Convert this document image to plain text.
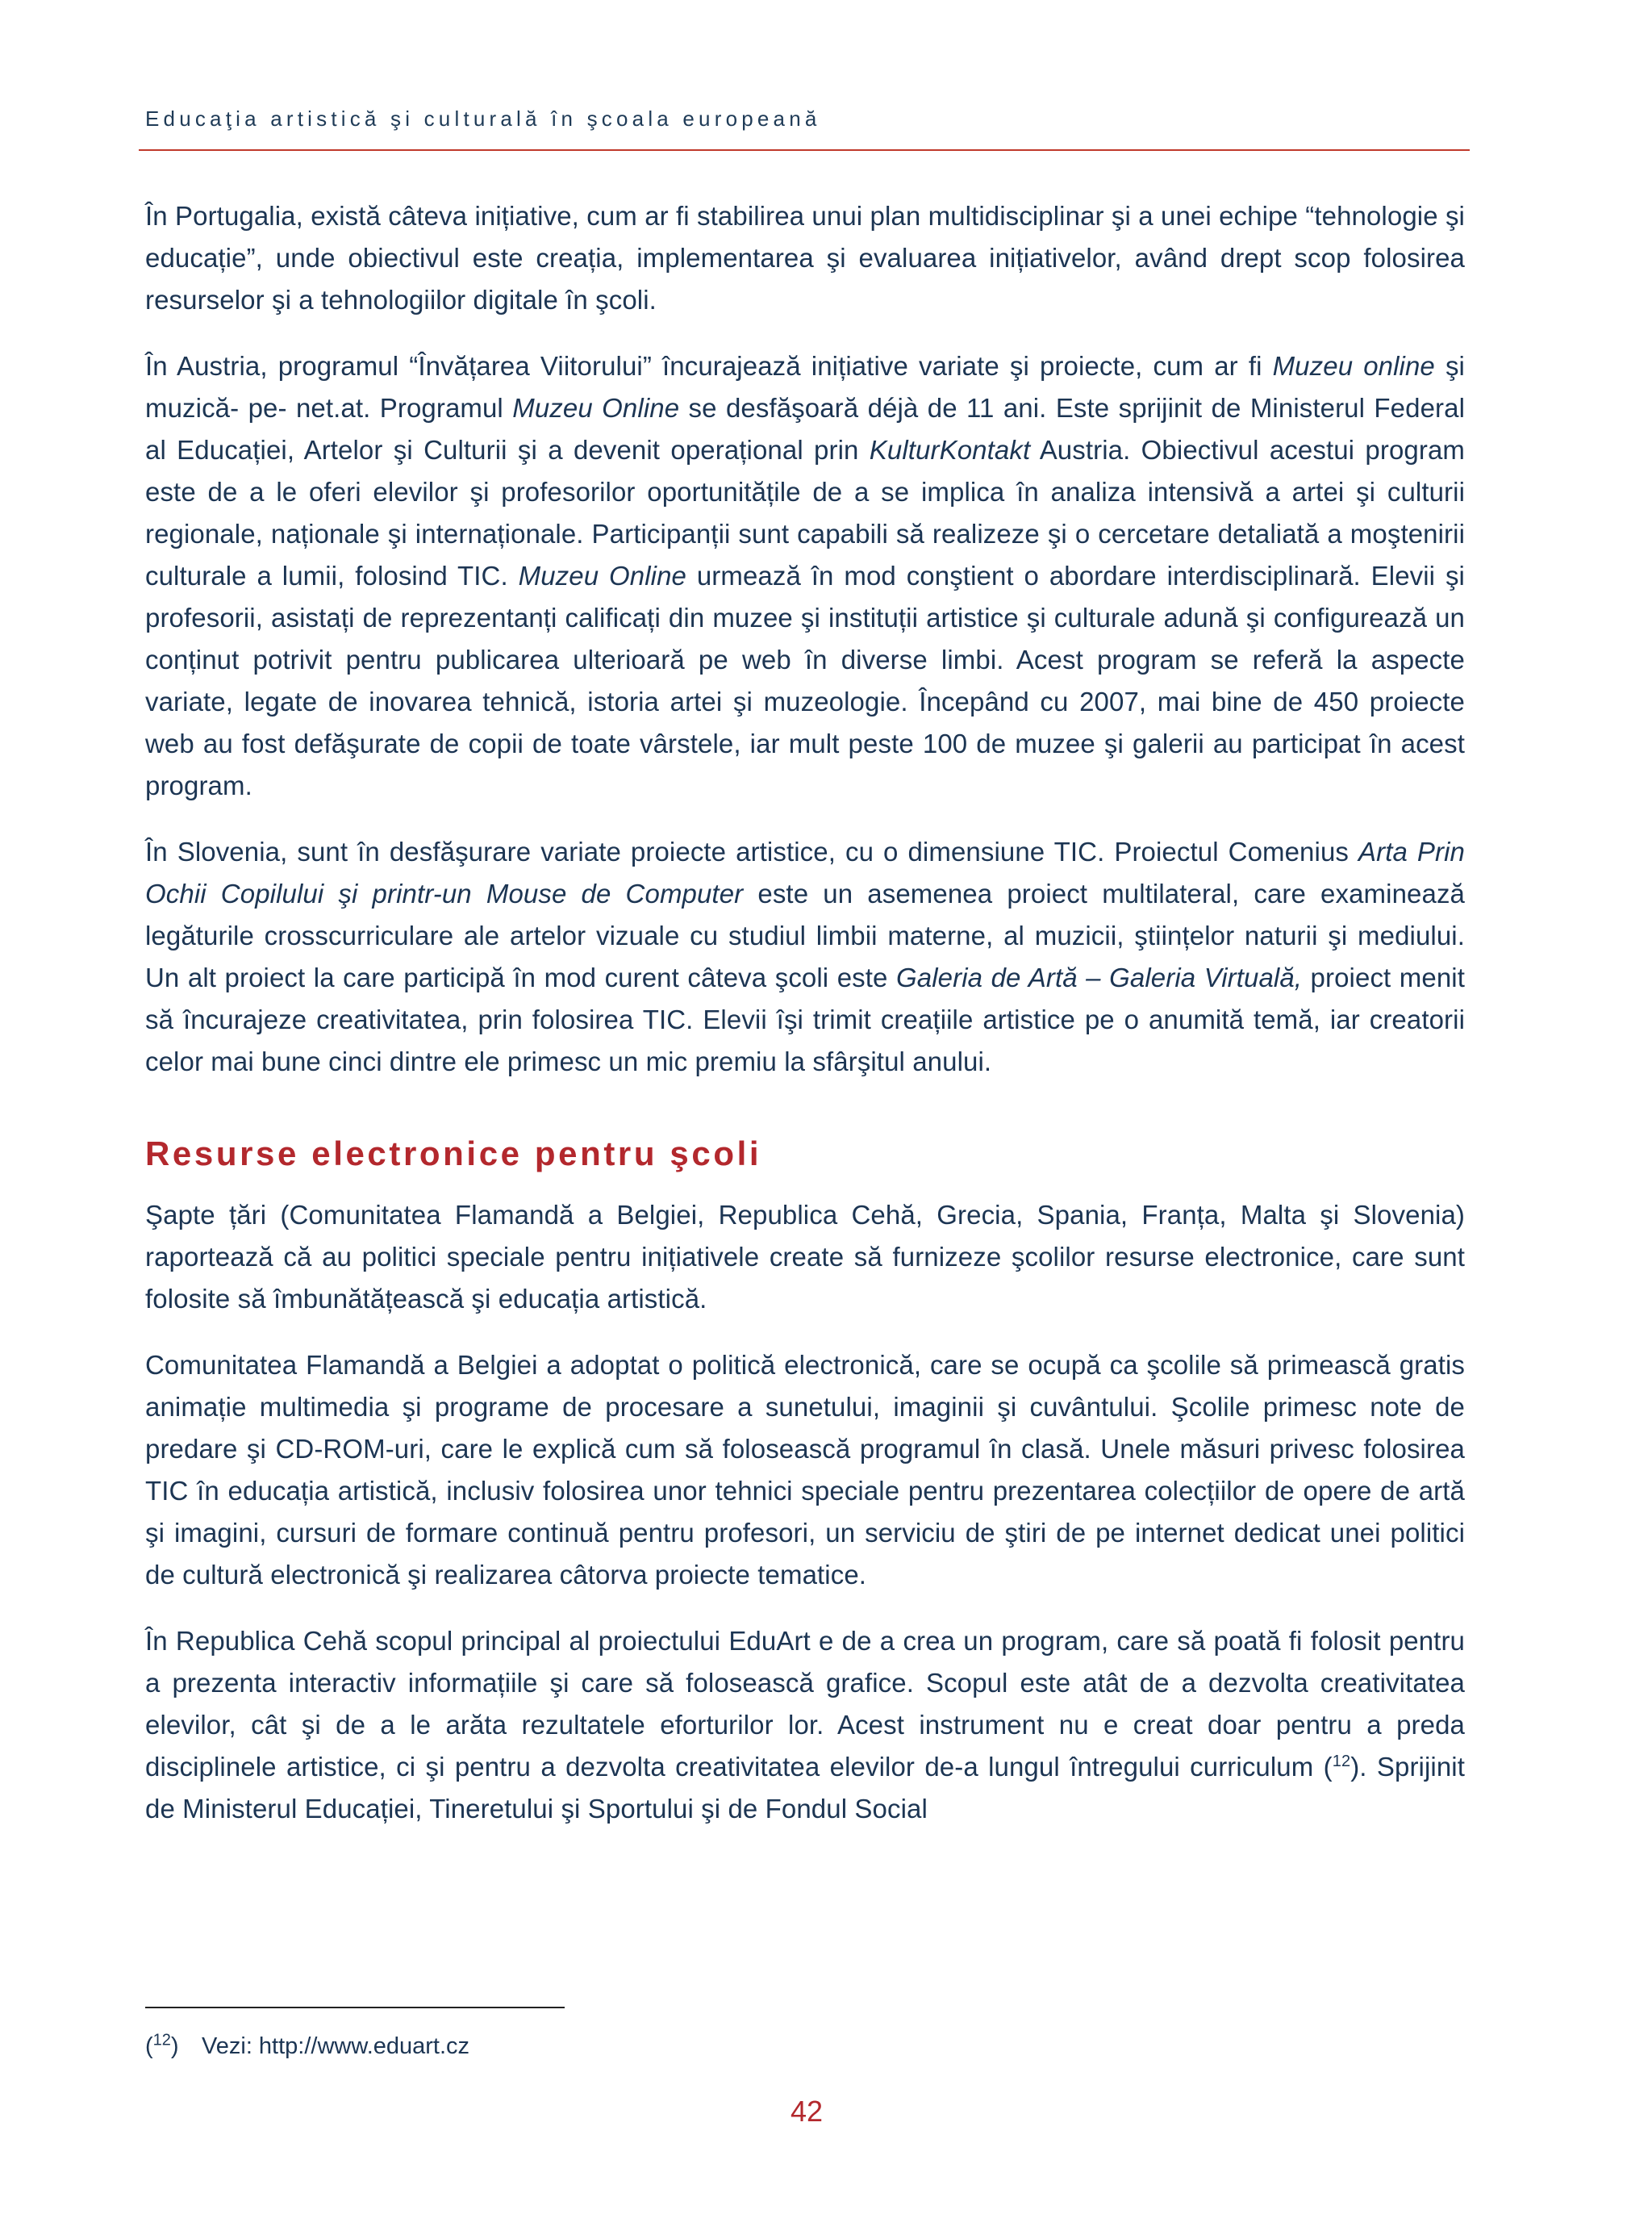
Educaţia artistică şi culturală în şcoala europeană

În Portugalia, există câteva inițiative, cum ar fi stabilirea unui plan multidisciplinar şi a unei echipe “tehnologie şi educație”, unde obiectivul este creația, implementarea şi evaluarea inițiativelor, având drept scop folosirea resurselor şi a tehnologiilor digitale în şcoli.

În Austria, programul “Învățarea Viitorului” încurajează inițiative variate şi proiecte, cum ar fi Muzeu online şi muzică- pe- net.at. Programul Muzeu Online se desfăşoară déjà de 11 ani. Este sprijinit de Ministerul Federal al Educației, Artelor şi Culturii şi a devenit operațional prin KulturKontakt Austria. Obiectivul acestui program este de a le oferi elevilor şi profesorilor oportunitățile de a se implica în analiza intensivă a artei şi culturii regionale, naționale şi internaționale. Participanții sunt capabili să realizeze şi o cercetare detaliată a moştenirii culturale a lumii, folosind TIC. Muzeu Online urmează în mod conştient o abordare interdisciplinară. Elevii şi profesorii, asistați de reprezentanți calificați din muzee şi instituții artistice şi culturale adună şi configurează un conținut potrivit pentru publicarea ulterioară pe web în diverse limbi. Acest program se referă la aspecte variate, legate de inovarea tehnică, istoria artei şi muzeologie. Începând cu 2007, mai bine de 450 proiecte web au fost defăşurate de copii de toate vârstele, iar mult peste 100 de muzee şi galerii au participat în acest program.

În Slovenia, sunt în desfăşurare variate proiecte artistice, cu o dimensiune TIC. Proiectul Comenius Arta Prin Ochii Copilului şi printr-un Mouse de Computer este un asemenea proiect multilateral, care examinează legăturile crosscurriculare ale artelor vizuale cu studiul limbii materne, al muzicii, ştiințelor naturii şi mediului. Un alt proiect la care participă în mod curent câteva şcoli este Galeria de Artă – Galeria Virtuală, proiect menit să încurajeze creativitatea, prin folosirea TIC. Elevii îşi trimit creațiile artistice pe o anumită temă, iar creatorii celor mai bune cinci dintre ele primesc un mic premiu la sfârşitul anului.

Resurse electronice pentru şcoli

Şapte țări (Comunitatea Flamandă a Belgiei, Republica Cehă, Grecia, Spania, Franța, Malta şi Slovenia) raportează că au politici speciale pentru inițiativele create să furnizeze şcolilor resurse electronice, care sunt folosite să îmbunătățească şi educația artistică.

Comunitatea Flamandă a Belgiei a adoptat o politică electronică, care se ocupă ca şcolile să primească gratis animație multimedia şi programe de procesare a sunetului, imaginii şi cuvântului. Şcolile primesc note de predare şi CD-ROM-uri, care le explică cum să folosească programul în clasă. Unele măsuri privesc folosirea TIC în educația artistică, inclusiv folosirea unor tehnici speciale pentru prezentarea colecțiilor de opere de artă şi imagini, cursuri de formare continuă pentru profesori, un serviciu de ştiri de pe internet dedicat unei politici de cultură electronică şi realizarea câtorva proiecte tematice.

În Republica Cehă scopul principal al proiectului EduArt e de a crea un program, care să poată fi folosit pentru a prezenta interactiv informațiile şi care să folosească grafice. Scopul este atât de a dezvolta creativitatea elevilor, cât şi de a le arăta rezultatele eforturilor lor. Acest instrument nu e creat doar pentru a preda disciplinele artistice, ci şi pentru a dezvolta creativitatea elevilor de-a lungul întregului curriculum ($^{12}$). Sprijinit de Ministerul Educației, Tineretului şi Sportului şi de Fondul Social

($^{12}$) Vezi: http://www.eduart.cz
42
